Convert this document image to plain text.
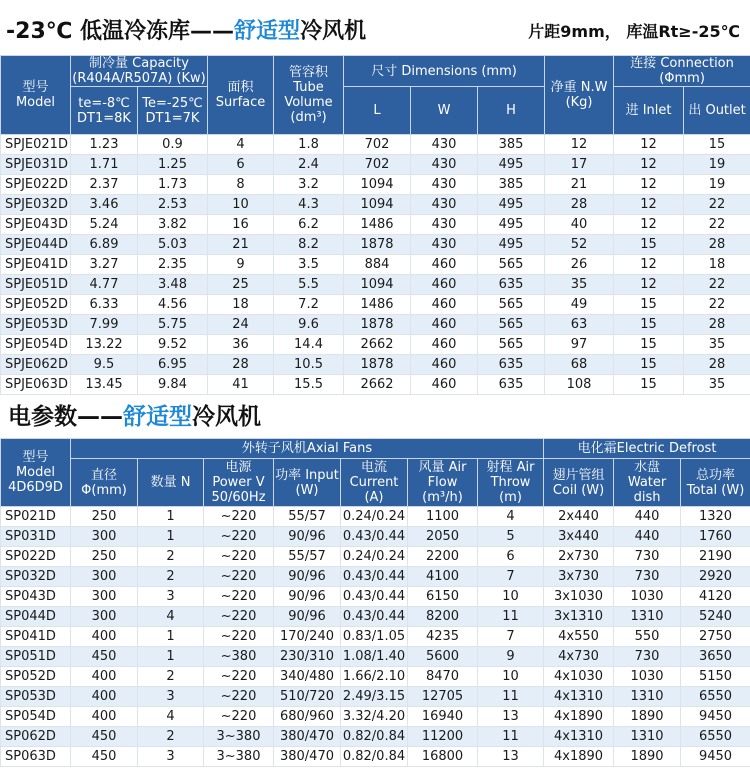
-23℃ 低温冷冻库——舒适型冷风机	片距9mm， 库温Rt≥-25℃
型号 Model	制冷量 Capacity (R404A/R507A) (Kw)		面积 Surface	管容积 Tube Volume (dm³)	尺寸 Dimensions (mm)			净重 N.W (Kg)	连接 Connection (Φmm)	
	te=-8℃ DT1=8K	Te=-25℃ DT1=7K			L	W	H		进 Inlet	出 Outlet
SPJE021D	1.23	0.9	4	1.8	702	430	385	12	12	15
SPJE031D	1.71	1.25	6	2.4	702	430	495	17	12	19
SPJE022D	2.37	1.73	8	3.2	1094	430	385	21	12	19
SPJE032D	3.46	2.53	10	4.3	1094	430	495	28	12	22
SPJE043D	5.24	3.82	16	6.2	1486	430	495	40	12	22
SPJE044D	6.89	5.03	21	8.2	1878	430	495	52	15	28
SPJE041D	3.27	2.35	9	3.5	884	460	565	26	12	18
SPJE051D	4.77	3.48	25	5.5	1094	460	635	35	12	22
SPJE052D	6.33	4.56	18	7.2	1486	460	565	49	15	22
SPJE053D	7.99	5.75	24	9.6	1878	460	565	63	15	28
SPJE054D	13.22	9.52	36	14.4	2662	460	565	97	15	35
SPJE062D	9.5	6.95	28	10.5	1878	460	635	68	15	28
SPJE063D	13.45	9.84	41	15.5	2662	460	635	108	15	35
电参数——舒适型冷风机
型号 Model 4D6D9D	外转子风机Axial Fans							电化霜Electric Defrost		
	直径 Φ(mm)	数量 N	电源 Power V 50/60Hz	功率 Input (W)	电流 Current (A)	风量 Air Flow (m³/h)	射程 Air Throw (m)	翅片管组 Coil (W)	水盘 Water dish	总功率 Total (W)
SP021D	250	1	~220	55/57	0.24/0.24	1100	4	2x440	440	1320
SP031D	300	1	~220	90/96	0.43/0.44	2050	5	3x440	440	1760
SP022D	250	2	~220	55/57	0.24/0.24	2200	6	2x730	730	2190
SP032D	300	2	~220	90/96	0.43/0.44	4100	7	3x730	730	2920
SP043D	300	3	~220	90/96	0.43/0.44	6150	10	3x1030	1030	4120
SP044D	300	4	~220	90/96	0.43/0.44	8200	11	3x1310	1310	5240
SP041D	400	1	~220	170/240	0.83/1.05	4235	7	4x550	550	2750
SP051D	450	1	~380	230/310	1.08/1.40	5600	9	4x730	730	3650
SP052D	400	2	~220	340/480	1.66/2.10	8470	10	4x1030	1030	5150
SP053D	400	3	~220	510/720	2.49/3.15	12705	11	4x1310	1310	6550
SP054D	400	4	~220	680/960	3.32/4.20	16940	13	4x1890	1890	9450
SP062D	450	2	3~380	380/470	0.82/0.84	11200	11	4x1310	1310	6550
SP063D	450	3	3~380	380/470	0.82/0.84	16800	13	4x1890	1890	9450
